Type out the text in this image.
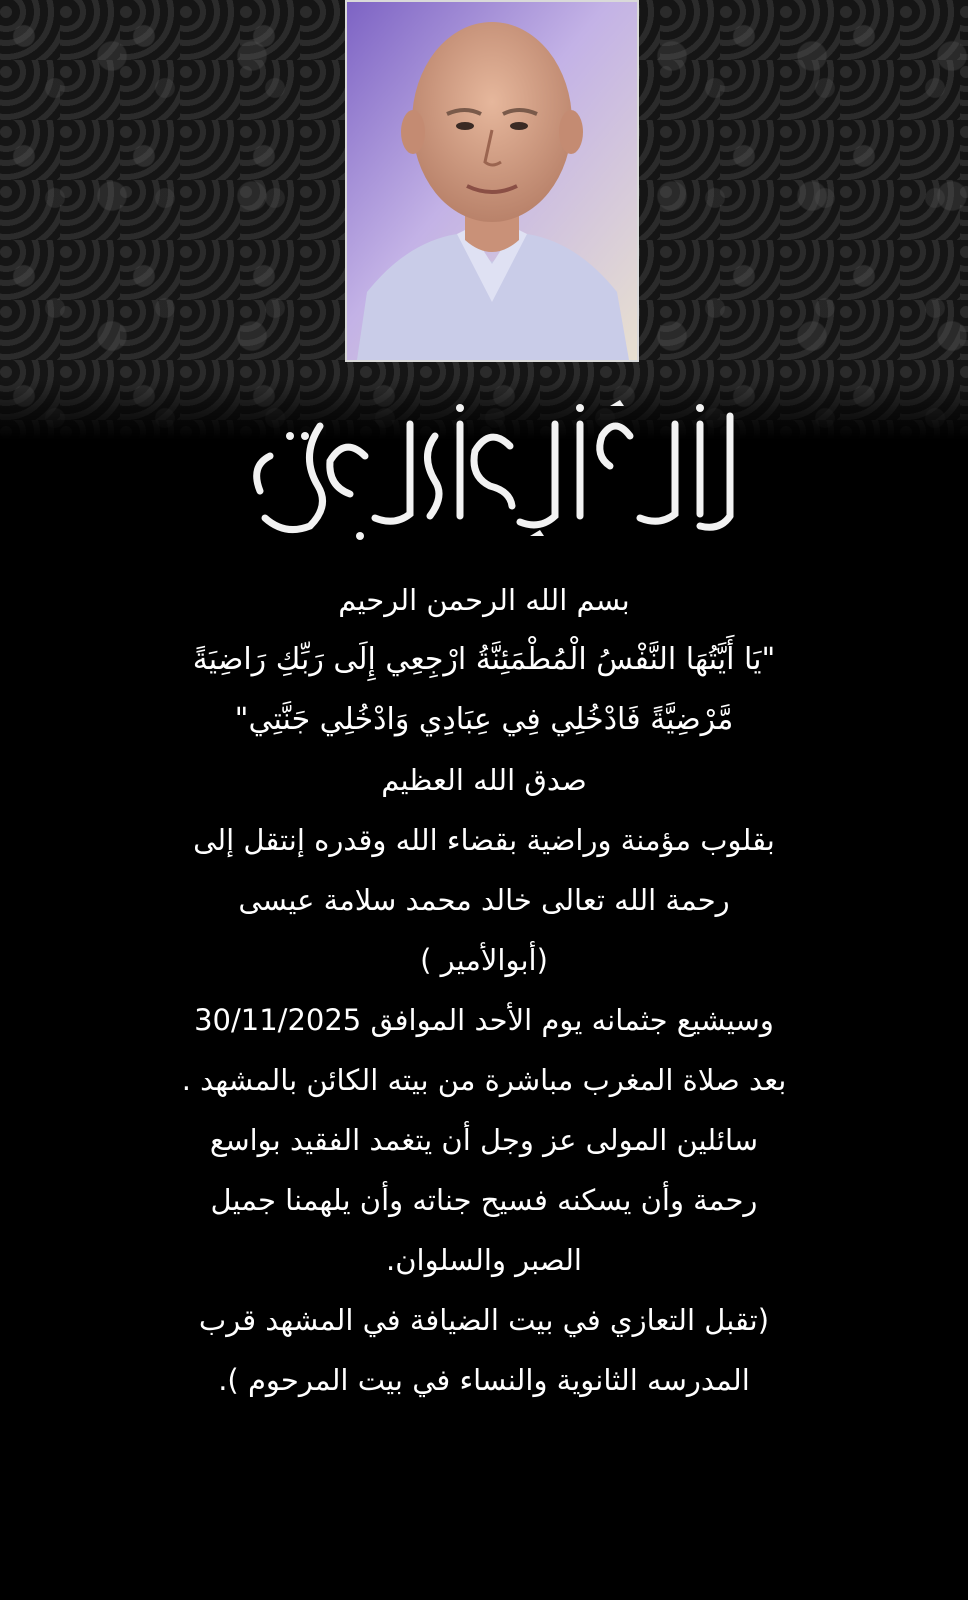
بسم الله الرحمن الرحيم
"يَا أَيَّتُهَا النَّفْسُ الْمُطْمَئِنَّةُ ارْجِعِي إِلَى رَبِّكِ رَاضِيَةً
مَّرْضِيَّةً فَادْخُلِي فِي عِبَادِي وَادْخُلِي جَنَّتِي"
صدق الله العظيم
بقلوب مؤمنة وراضية بقضاء الله وقدره إنتقل إلى
رحمة الله تعالى خالد محمد سلامة عيسى
(أبوالأمير )
وسيشيع جثمانه يوم الأحد الموافق 30/11/2025
بعد صلاة المغرب مباشرة من بيته الكائن بالمشهد .
سائلين المولى عز وجل أن يتغمد الفقيد بواسع
رحمة وأن يسكنه فسيح جناته وأن يلهمنا جميل
الصبر والسلوان.
(تقبل التعازي في بيت الضيافة في المشهد قرب
المدرسه الثانوية والنساء في بيت المرحوم ).
